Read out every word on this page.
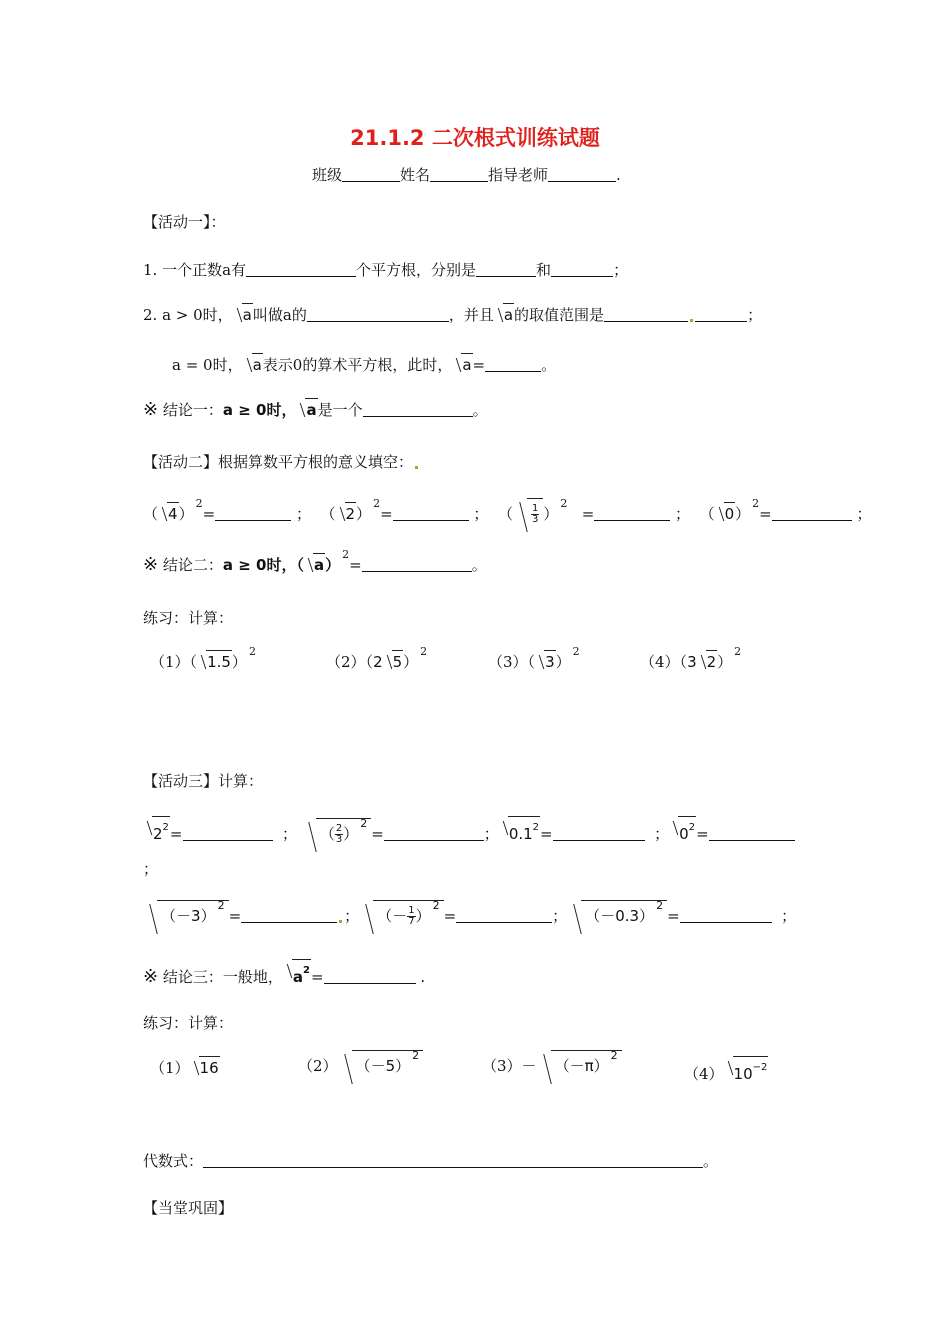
21.1.2 二次根式训练试题
班级	姓名	指导老师	.
【活动一】：
1. 一个正数a有	个平方根，分别是	和	；
2. a > 0时， a叫做a的	，并且 a的取值范围是	；
a = 0时， a表示0的算术平方根，此时， a=	。
※ 结论一：a ≥ 0时， a是一个	。
【活动二】根据算数平方根的意义填空：
（ 4）$^2$=	；  （ 2）$^2$=	；  （ $\frac{1}{3} )^2$   =	；  （ 0）$^2$=	；
※ 结论二：a ≥ 0时，（ a）$^2$=	。
练习：计算：
（1）（ 1.5）$^2$
（2）（2 5）$^2$
（3）（ 3）$^2$
（4）（3 2）$^2$
【活动三】计算：
$2^2=$	； （ $\frac{2}{3} )^2=$	； $0.1^2=$	； $0^2=$
；
$(-3)^2=$	； （－ $\frac{1}{7} )^2=$	； $(-0.3)^2=$	；
※ 结论三：一般地， $a^2=$	.
练习：计算：
（1） 16	（2） $(-5)^2$
$(3)- (-\pi)^2$
（4） $10^{-2}$
代数式：	。
【当堂巩固】
